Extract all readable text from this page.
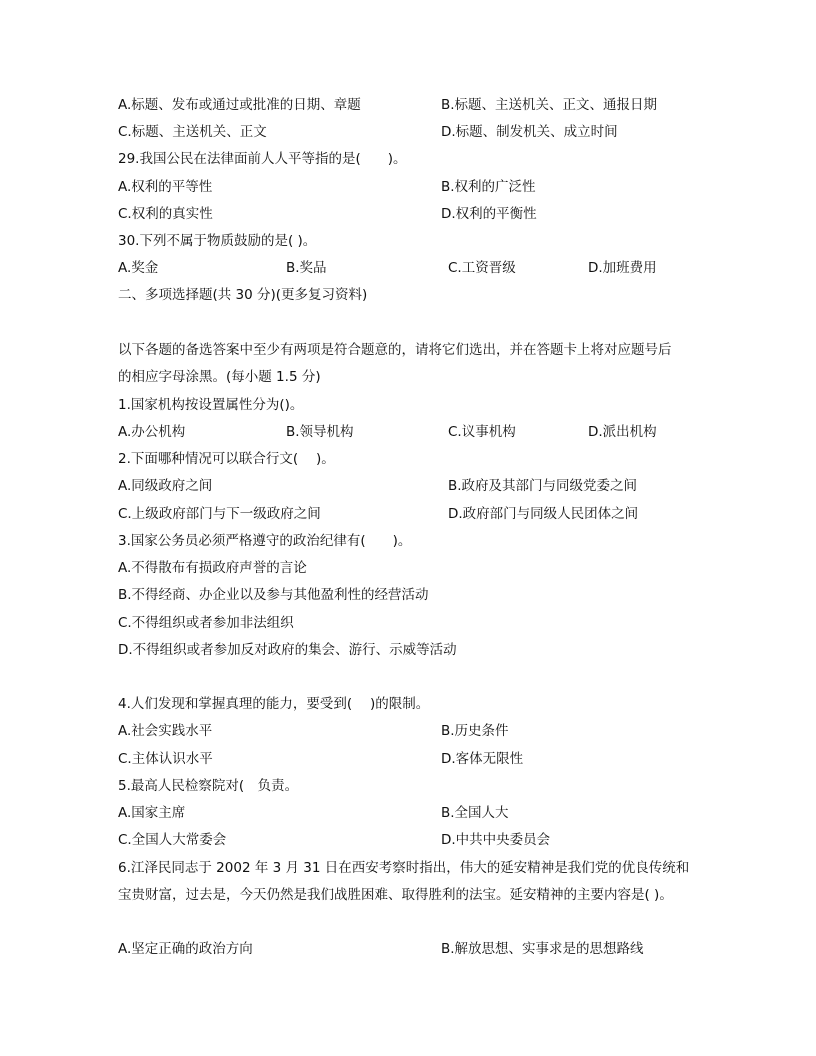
A.标题、发布或通过或批准的日期、章题	B.标题、主送机关、正文、通报日期
C.标题、主送机关、正文	D.标题、制发机关、成立时间
29.我国公民在法律面前人人平等指的是(　　)。
A.权利的平等性	B.权利的广泛性
C.权利的真实性	D.权利的平衡性
30.下列不属于物质鼓励的是( )。
A.奖金	B.奖品	C.工资晋级	D.加班费用
二、多项选择题(共 30 分)(更多复习资料)
以下各题的备选答案中至少有两项是符合题意的，请将它们选出，并在答题卡上将对应题号后
的相应字母涂黑。(每小题 1.5 分)
1.国家机构按设置属性分为()。
A.办公机构	B.领导机构	C.议事机构	D.派出机构
2.下面哪种情况可以联合行文(　 )。
A.同级政府之间	B.政府及其部门与同级党委之间
C.上级政府部门与下一级政府之间	D.政府部门与同级人民团体之间
3.国家公务员必须严格遵守的政治纪律有(　　)。
A.不得散布有损政府声誉的言论
B.不得经商、办企业以及参与其他盈利性的经营活动
C.不得组织或者参加非法组织
D.不得组织或者参加反对政府的集会、游行、示威等活动
4.人们发现和掌握真理的能力，要受到(　 )的限制。
A.社会实践水平	B.历史条件
C.主体认识水平	D.客体无限性
5.最高人民检察院对(　负责。
A.国家主席	B.全国人大
C.全国人大常委会	D.中共中央委员会
6.江泽民同志于 2002 年 3 月 31 日在西安考察时指出，伟大的延安精神是我们党的优良传统和
宝贵财富，过去是，今天仍然是我们战胜困难、取得胜利的法宝。延安精神的主要内容是( )。
A.坚定正确的政治方向	B.解放思想、实事求是的思想路线
